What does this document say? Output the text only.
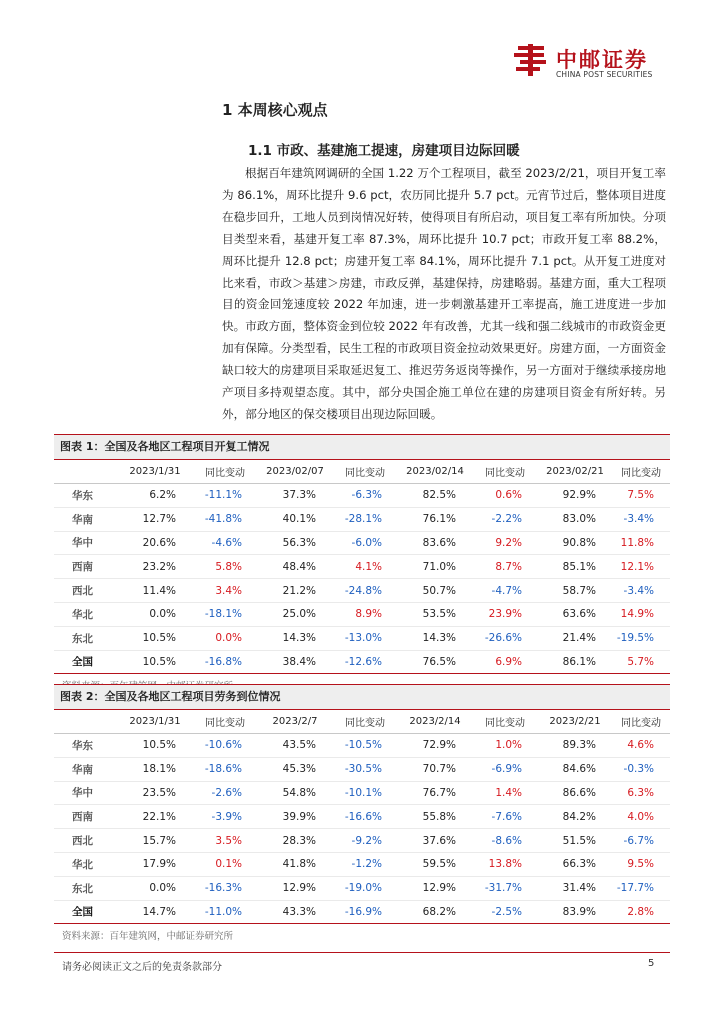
中邮证券
CHINA POST SECURITIES
1 本周核心观点
1.1 市政、基建施工提速，房建项目边际回暖
根据百年建筑网调研的全国 1.22 万个工程项目，截至 2023/2/21，项目开复工率为 86.1%，周环比提升 9.6 pct，农历同比提升 5.7 pct。元宵节过后，整体项目进度在稳步回升，工地人员到岗情况好转，使得项目有所启动，项目复工率有所加快。分项目类型来看，基建开复工率 87.3%，周环比提升 10.7 pct；市政开复工率 88.2%，周环比提升 12.8 pct；房建开复工率 84.1%，周环比提升 7.1 pct。从开复工进度对比来看，市政＞基建＞房建，市政反弹，基建保持，房建略弱。基建方面，重大工程项目的资金回笼速度较 2022 年加速，进一步刺激基建开工率提高，施工进度进一步加快。市政方面，整体资金到位较 2022 年有改善，尤其一线和强二线城市的市政资金更加有保障。分类型看，民生工程的市政项目资金拉动效果更好。房建方面，一方面资金缺口较大的房建项目采取延迟复工、推迟劳务返岗等操作，另一方面对于继续承接房地产项目多持观望态度。其中，部分央国企施工单位在建的房建项目资金有所好转。另外，部分地区的保交楼项目出现边际回暖。
图表 1：全国及各地区工程项目开复工情况
	2023/1/31	同比变动	2023/02/07	同比变动	2023/02/14	同比变动	2023/02/21	同比变动
华东	6.2%	-11.1%	37.3%	-6.3%	82.5%	0.6%	92.9%	7.5%
华南	12.7%	-41.8%	40.1%	-28.1%	76.1%	-2.2%	83.0%	-3.4%
华中	20.6%	-4.6%	56.3%	-6.0%	83.6%	9.2%	90.8%	11.8%
西南	23.2%	5.8%	48.4%	4.1%	71.0%	8.7%	85.1%	12.1%
西北	11.4%	3.4%	21.2%	-24.8%	50.7%	-4.7%	58.7%	-3.4%
华北	0.0%	-18.1%	25.0%	8.9%	53.5%	23.9%	63.6%	14.9%
东北	10.5%	0.0%	14.3%	-13.0%	14.3%	-26.6%	21.4%	-19.5%
全国	10.5%	-16.8%	38.4%	-12.6%	76.5%	6.9%	86.1%	5.7%
图表 2：全国及各地区工程项目劳务到位情况
	2023/1/31	同比变动	2023/2/7	同比变动	2023/2/14	同比变动	2023/2/21	同比变动
华东	10.5%	-10.6%	43.5%	-10.5%	72.9%	1.0%	89.3%	4.6%
华南	18.1%	-18.6%	45.3%	-30.5%	70.7%	-6.9%	84.6%	-0.3%
华中	23.5%	-2.6%	54.8%	-10.1%	76.7%	1.4%	86.6%	6.3%
西南	22.1%	-3.9%	39.9%	-16.6%	55.8%	-7.6%	84.2%	4.0%
西北	15.7%	3.5%	28.3%	-9.2%	37.6%	-8.6%	51.5%	-6.7%
华北	17.9%	0.1%	41.8%	-1.2%	59.5%	13.8%	66.3%	9.5%
东北	0.0%	-16.3%	12.9%	-19.0%	12.9%	-31.7%	31.4%	-17.7%
全国	14.7%	-11.0%	43.3%	-16.9%	68.2%	-2.5%	83.9%	2.8%
资料来源：百年建筑网，中邮证券研究所
请务必阅读正文之后的免责条款部分	5
